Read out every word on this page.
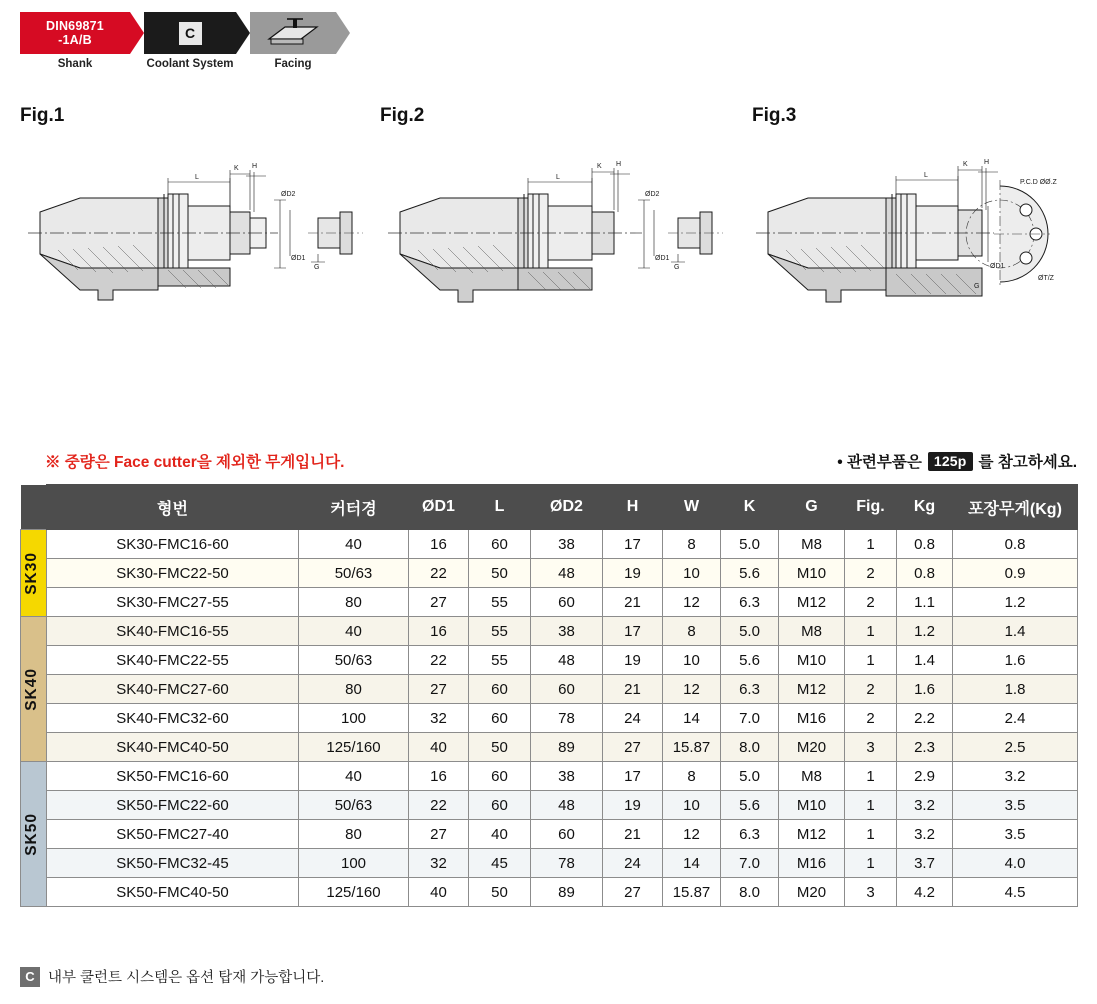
DIN69871
-1A/B
Shank
C
Coolant System	Facing
Fig.1	Fig.2	Fig.3
L
K H
ØD2
ØD1
G
L
K H
ØD2
ØD1
G
L
K H
ØD1
P.C.D ØØ.Z
G
ØT/Z
※ 중량은 Face cutter을 제외한 무게입니다.	• 관련부품은 125p 를 참고하세요.
	형번	커터경	ØD1	L	ØD2	H	W	K	G	Fig.	Kg	포장무게(Kg)

SK30	SK30-FMC16-60	40	16	60	38	17	8	5.0	M8	1	0.8	0.8
	SK30-FMC22-50	50/63	22	50	48	19	10	5.6	M10	2	0.8	0.9
	SK30-FMC27-55	80	27	55	60	21	12	6.3	M12	2	1.1	1.2

SK40	SK40-FMC16-55	40	16	55	38	17	8	5.0	M8	1	1.2	1.4
	SK40-FMC22-55	50/63	22	55	48	19	10	5.6	M10	1	1.4	1.6
	SK40-FMC27-60	80	27	60	60	21	12	6.3	M12	2	1.6	1.8
	SK40-FMC32-60	100	32	60	78	24	14	7.0	M16	2	2.2	2.4
	SK40-FMC40-50	125/160	40	50	89	27	15.87	8.0	M20	3	2.3	2.5

SK50	SK50-FMC16-60	40	16	60	38	17	8	5.0	M8	1	2.9	3.2
	SK50-FMC22-60	50/63	22	60	48	19	10	5.6	M10	1	3.2	3.5
	SK50-FMC27-40	80	27	40	60	21	12	6.3	M12	1	3.2	3.5
	SK50-FMC32-45	100	32	45	78	24	14	7.0	M16	1	3.7	4.0
	SK50-FMC40-50	125/160	40	50	89	27	15.87	8.0	M20	3	4.2	4.5
C 내부 쿨런트 시스템은 옵션 탑재 가능합니다.
